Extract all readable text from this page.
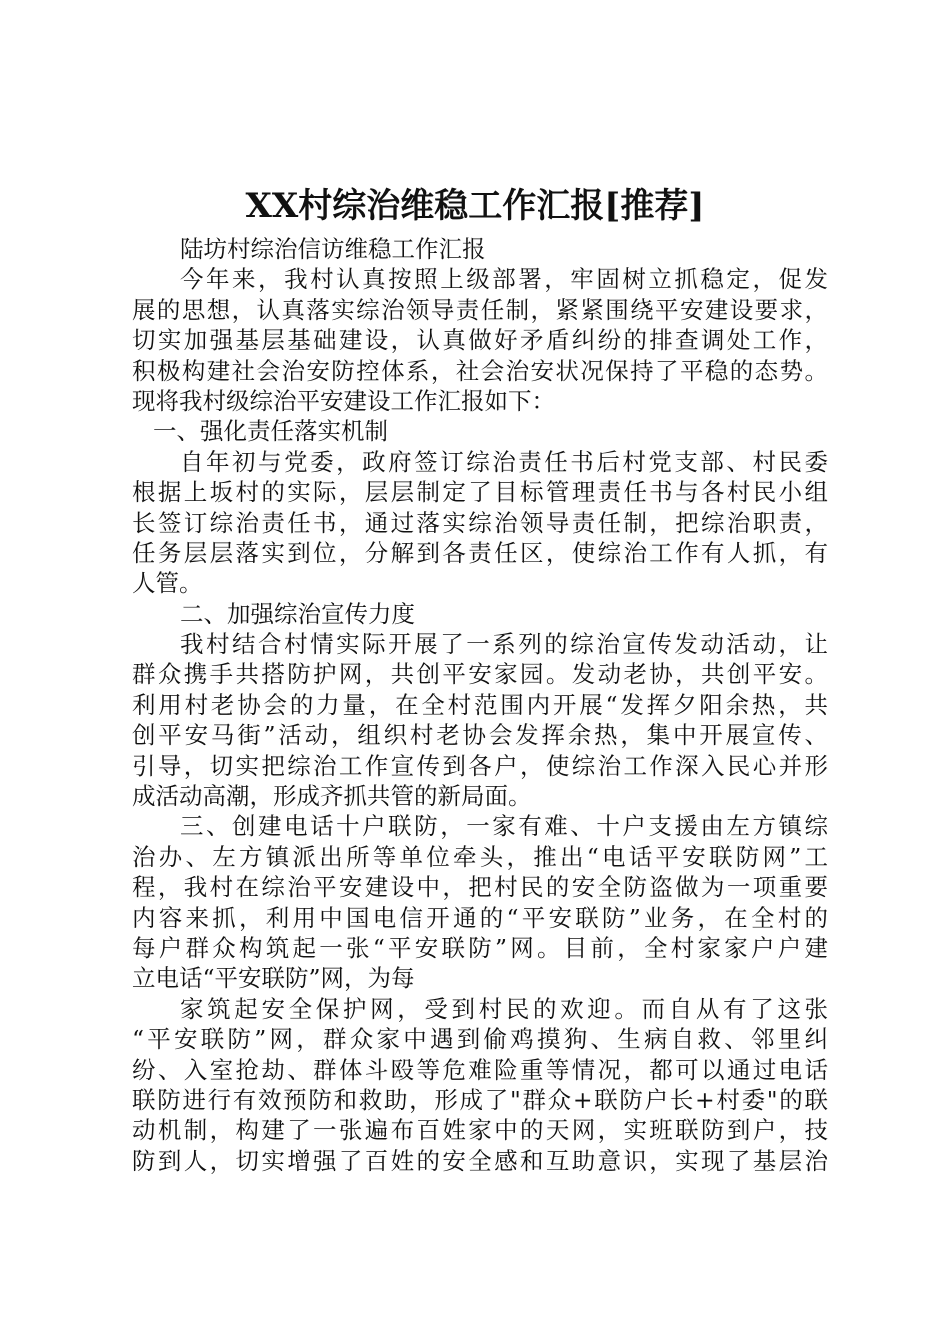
XX村综治维稳工作汇报[推荐]
陆坊村综治信访维稳工作汇报
今年来，我村认真按照上级部署，牢固树立抓稳定，促发
展的思想，认真落实综治领导责任制，紧紧围绕平安建设要求，
切实加强基层基础建设，认真做好矛盾纠纷的排查调处工作，
积极构建社会治安防控体系，社会治安状况保持了平稳的态势。
现将我村级综治平安建设工作汇报如下：
一、强化责任落实机制
自年初与党委，政府签订综治责任书后村党支部、村民委
根据上坂村的实际，层层制定了目标管理责任书与各村民小组
长签订综治责任书，通过落实综治领导责任制，把综治职责，
任务层层落实到位，分解到各责任区，使综治工作有人抓，有
人管。
二、加强综治宣传力度
我村结合村情实际开展了一系列的综治宣传发动活动，让
群众携手共搭防护网，共创平安家园。发动老协，共创平安。
利用村老协会的力量，在全村范围内开展“发挥夕阳余热，共
创平安马街”活动，组织村老协会发挥余热，集中开展宣传、
引导，切实把综治工作宣传到各户，使综治工作深入民心并形
成活动高潮，形成齐抓共管的新局面。
三、创建电话十户联防，一家有难、十户支援由左方镇综
治办、左方镇派出所等单位牵头，推出“电话平安联防网”工
程，我村在综治平安建设中，把村民的安全防盗做为一项重要
内容来抓，利用中国电信开通的“平安联防”业务，在全村的
每户群众构筑起一张“平安联防”网。目前，全村家家户户建
立电话“平安联防”网，为每
家筑起安全保护网，受到村民的欢迎。而自从有了这张
“平安联防”网，群众家中遇到偷鸡摸狗、生病自救、邻里纠
纷、入室抢劫、群体斗殴等危难险重等情况，都可以通过电话
联防进行有效预防和救助，形成了"群众+联防户长+村委"的联
动机制，构建了一张遍布百姓家中的天网，实班联防到户，技
防到人，切实增强了百姓的安全感和互助意识，实现了基层治
